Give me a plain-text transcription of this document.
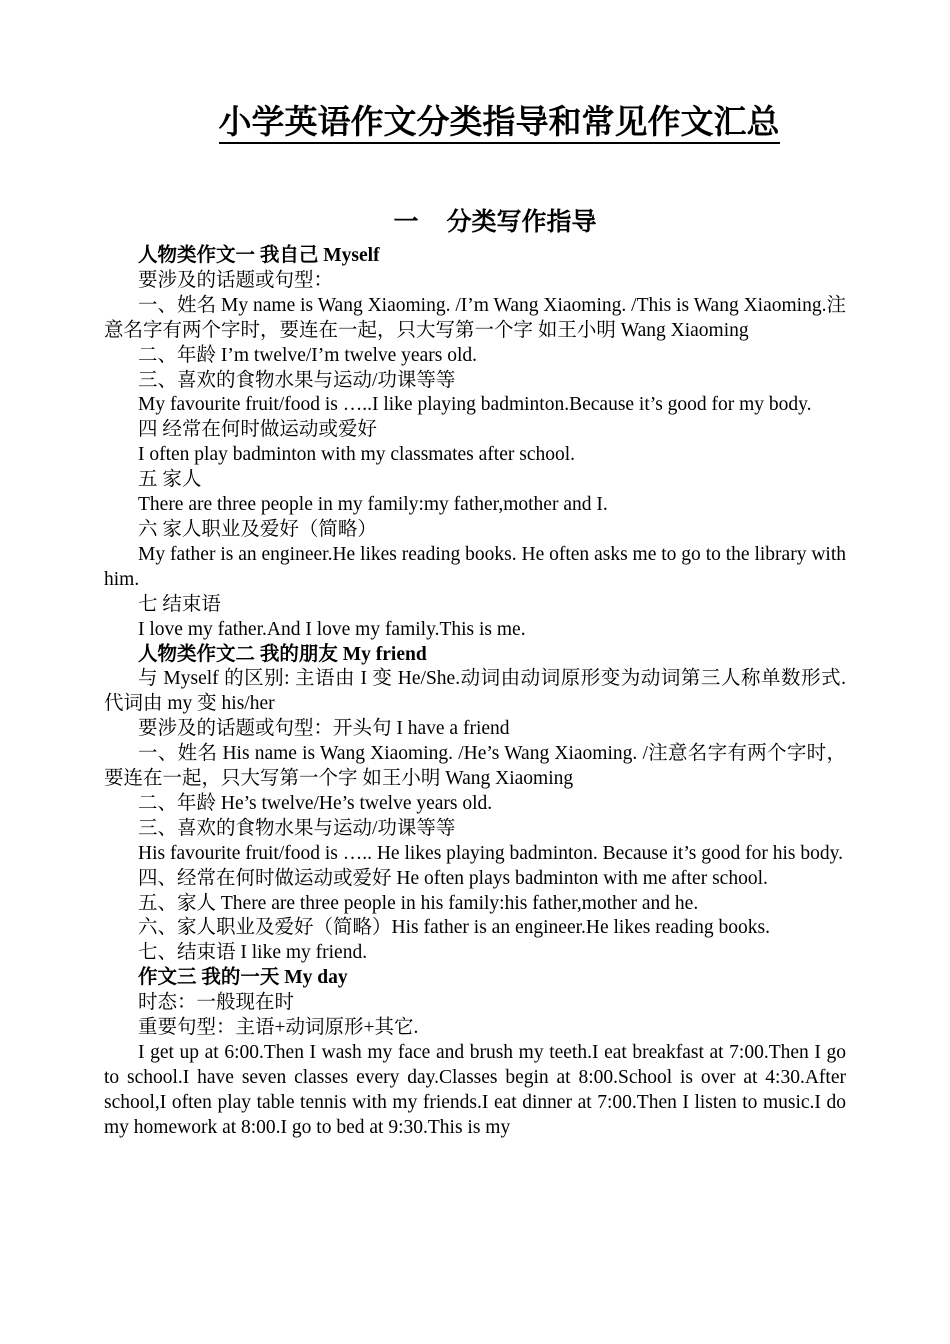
小学英语作文分类指导和常见作文汇总
一 分类写作指导

人物类作文一 我自己 Myself

要涉及的话题或句型：

一、姓名 My name is Wang Xiaoming. /I’m Wang Xiaoming. /This is Wang Xiaoming.注意名字有两个字时，要连在一起，只大写第一个字 如王小明 Wang Xiaoming

二、年龄 I’m twelve/I’m twelve years old.

三、喜欢的食物水果与运动/功课等等

My favourite fruit/food is …..I like playing badminton.Because it’s good for my body.

四 经常在何时做运动或爱好

I often play badminton with my classmates after school.

五 家人

There are three people in my family:my father,mother and I.

六 家人职业及爱好（简略）

My father is an engineer.He likes reading books. He often asks me to go to the library with him.

七 结束语

I love my father.And I love my family.This is me.

人物类作文二 我的朋友 My friend

与 Myself 的区别: 主语由 I 变 He/She.动词由动词原形变为动词第三人称单数形式.代词由 my 变 his/her

要涉及的话题或句型：开头句 I have a friend

一、姓名 His name is Wang Xiaoming. /He’s Wang Xiaoming. /注意名字有两个字时，要连在一起，只大写第一个字 如王小明 Wang Xiaoming

二、年龄 He’s twelve/He’s twelve years old.

三、喜欢的食物水果与运动/功课等等

His favourite fruit/food is ….. He likes playing badminton. Because it’s good for his body.

四、经常在何时做运动或爱好 He often plays badminton with me after school.

五、家人 There are three people in his family:his father,mother and he.

六、家人职业及爱好（简略）His father is an engineer.He likes reading books.

七、结束语 I like my friend.

作文三 我的一天 My day

时态：一般现在时

重要句型：主语+动词原形+其它.

I get up at 6:00.Then I wash my face and brush my teeth.I eat breakfast at 7:00.Then I go to school.I have seven classes every day.Classes begin at 8:00.School is over at 4:30.After school,I often play table tennis with my friends.I eat dinner at 7:00.Then I listen to music.I do my homework at 8:00.I go to bed at 9:30.This is my
